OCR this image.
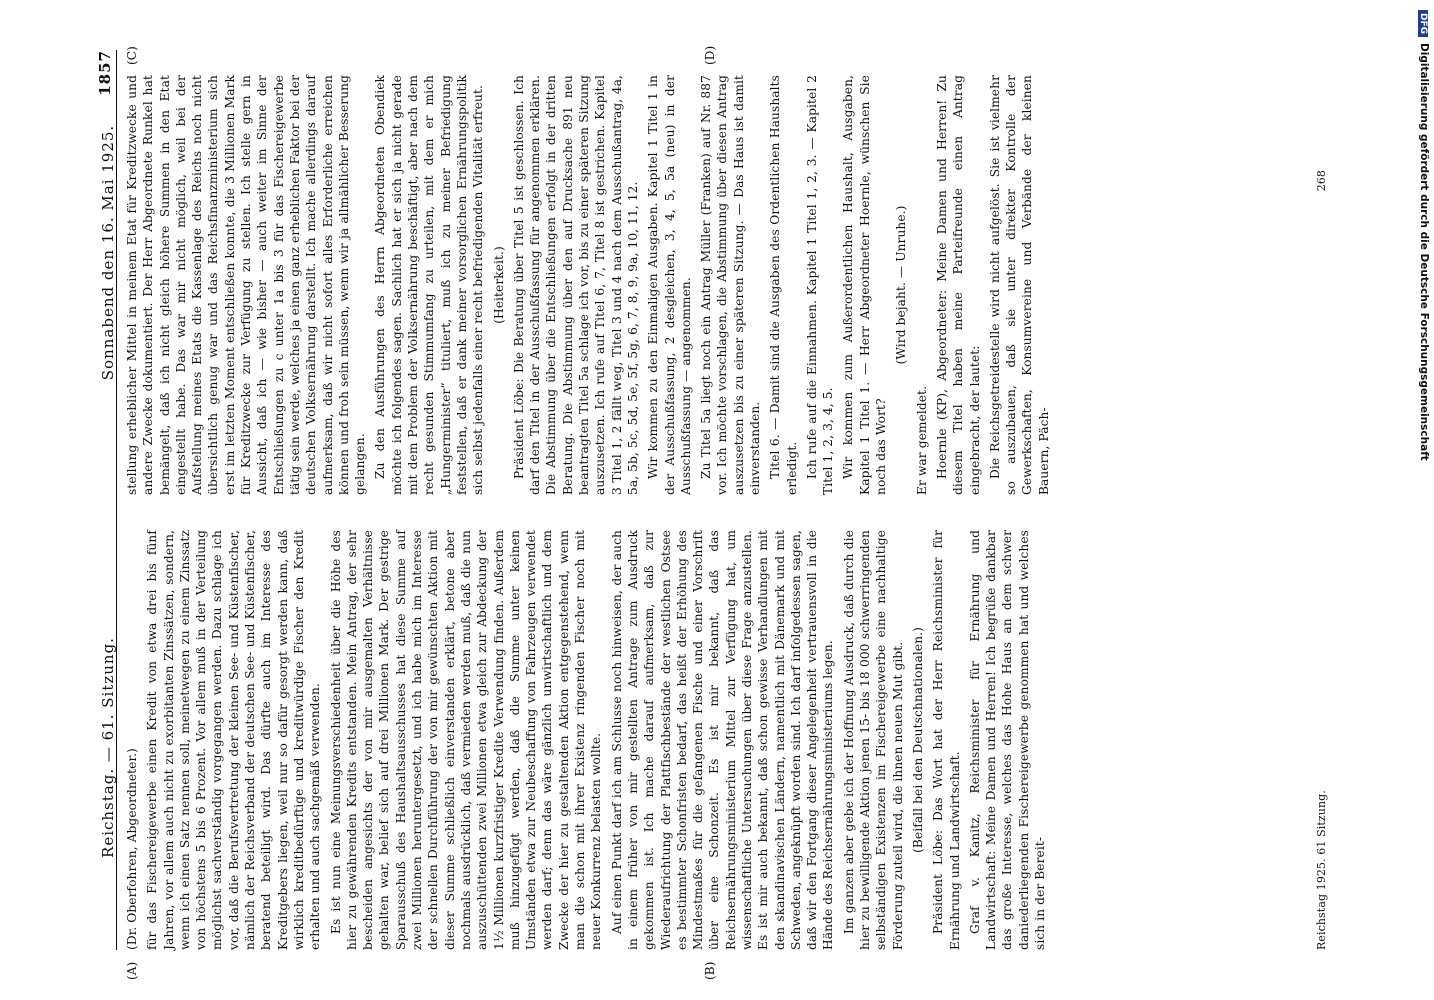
Reichstag. — 61. Sitzung.
Sonnabend den 16. Mai 1925.
1857
(A)	(B)
(C)	(D)

(Dr. Oberfohren, Abgeordneter.) für das Fischereigewerbe einen Kredit von etwa drei bis fünf Jahren, vor allem auch nicht zu exorbitanten Zinssätzen, sondern, wenn ich einen Satz nennen soll, meinetwegen zu einem Zinssatz von höchstens 5 bis 6 Prozent. Vor allem muß in der Verteilung möglichst sachverständig vorgegangen werden. Dazu schlage ich vor, daß die Berufsvertretung der kleinen See- und Küstenfischer, nämlich der Reichsverband der deutschen See- und Küstenfischer, beratend beteiligt wird. Das dürfte auch im Interesse des Kreditgebers liegen, weil nur so dafür gesorgt werden kann, daß wirklich kreditbedürftige und kreditwürdige Fischer den Kredit erhalten und auch sachgemäß verwenden. Es ist nun eine Meinungsverschiedenheit über die Höhe des hier zu gewährenden Kredits entstanden. Mein Antrag, der sehr bescheiden angesichts der von mir ausgemalten Verhältnisse gehalten war, belief sich auf drei Millionen Mark. Der gestrige Sparausschuß des Haushaltsausschusses hat diese Summe auf zwei Millionen heruntergesetzt, und ich habe mich im Interesse der schnellen Durchführung der von mir gewünschten Aktion mit dieser Summe schließlich einverstanden erklärt, betone aber nochmals ausdrücklich, daß vermieden werden muß, daß die nun auszuschüttenden zwei Millionen etwa gleich zur Abdeckung der 1½ Millionen kurzfristiger Kredite Verwendung finden. Außerdem muß hinzugefügt werden, daß die Summe unter keinen Umständen etwa zur Neubeschaffung von Fahrzeugen verwendet werden darf; denn das wäre gänzlich unwirtschaftlich und dem Zwecke der hier zu gestaltenden Aktion entgegenstehend, wenn man die schon mit ihrer Existenz ringenden Fischer noch mit neuer Konkurrenz belasten wollte. Auf einen Punkt darf ich am Schlusse noch hinweisen, der auch in einem früher von mir gestellten Antrage zum Ausdruck gekommen ist. Ich mache darauf aufmerksam, daß zur Wiederaufrichtung der Plattfischbestände der westlichen Ostsee es bestimmter Schonfristen bedarf, das heißt der Erhöhung des Mindestmaßes für die gefangenen Fische und einer Vorschrift über eine Schonzeit. Es ist mir bekannt, daß das Reichsernährungsministerium Mittel zur Verfügung hat, um wissenschaftliche Untersuchungen über diese Frage anzustellen. Es ist mir auch bekannt, daß schon gewisse Verhandlungen mit den skandinavischen Ländern, namentlich mit Dänemark und mit Schweden, angeknüpft worden sind. Ich darf infolgedessen sagen, daß wir den Fortgang dieser Angelegenheit vertrauensvoll in die Hände des Reichsernährungsministeriums legen. Im ganzen aber gebe ich der Hoffnung Ausdruck, daß durch die hier zu bewilligende Aktion jenen 15- bis 18 000 schwerringenden selbständigen Existenzen im Fischereigewerbe eine nachhaltige Förderung zuteil wird, die ihnen neuen Mut gibt. (Beifall bei den Deutschnationalen.) Präsident Löbe: Das Wort hat der Herr Reichsminister für Ernährung und Landwirtschaft. Graf v. Kanitz, Reichsminister für Ernährung und Landwirtschaft: Meine Damen und Herren! Ich begrüße dankbar das große Interesse, welches das Hohe Haus an dem schwer daniederliegenden Fischereigewerbe genommen hat und welches sich in der Bereit-

stellung erheblicher Mittel in meinem Etat für Kreditzwecke und andere Zwecke dokumentiert. Der Herr Abgeordnete Runkel hat bemängelt, daß ich nicht gleich höhere Summen in den Etat eingestellt habe. Das war mir nicht möglich, weil bei der Aufstellung meines Etats die Kassenlage des Reichs noch nicht übersichtlich genug war und das Reichsfinanzministerium sich erst im letzten Moment entschließen konnte, die 3 Millionen Mark für Kreditzwecke zur Verfügung zu stellen. Ich stelle gern in Aussicht, daß ich — wie bisher — auch weiter im Sinne der Entschließungen zu c unter 1a bis 3 für das Fischereigewerbe tätig sein werde, welches ja einen ganz erheblichen Faktor bei der deutschen Volksernährung darstellt. Ich mache allerdings darauf aufmerksam, daß wir nicht sofort alles Erforderliche erreichen können und froh sein müssen, wenn wir ja allmählicher Besserung gelangen. Zu den Ausführungen des Herrn Abgeordneten Obendiek möchte ich folgendes sagen. Sachlich hat er sich ja nicht gerade mit dem Problem der Volksernährung beschäftigt, aber nach dem recht gesunden Stimmumfang zu urteilen, mit dem er mich „Hungerminister“ tituliert, muß ich zu meiner Befriedigung feststellen, daß er dank meiner vorsorglichen Ernährungspolitik sich selbst jedenfalls einer recht befriedigenden Vitalität erfreut. (Heiterkeit.) Präsident Löbe: Die Beratung über Titel 5 ist geschlossen. Ich darf den Titel in der Ausschußfassung für angenommen erklären. Die Abstimmung über die Entschließungen erfolgt in der dritten Beratung. Die Abstimmung über den auf Drucksache 891 neu beantragten Titel 5a schlage ich vor, bis zu einer späteren Sitzung auszusetzen. Ich rufe auf Titel 6, 7, Titel 8 ist gestrichen. Kapitel 3 Titel 1, 2 fällt weg, Titel 3 und 4 nach dem Ausschußantrag, 4a, 5a, 5b, 5c, 5d, 5e, 5f, 5g, 6, 7, 8, 9, 9a, 10, 11, 12. Wir kommen zu den Einmaligen Ausgaben. Kapitel 1 Titel 1 in der Ausschußfassung, 2 desgleichen, 3, 4, 5, 5a (neu) in der Ausschußfassung — angenommen. Zu Titel 5a liegt noch ein Antrag Müller (Franken) auf Nr. 887 vor. Ich möchte vorschlagen, die Abstimmung über diesen Antrag auszusetzen bis zu einer späteren Sitzung. — Das Haus ist damit einverstanden. Titel 6. — Damit sind die Ausgaben des Ordentlichen Haushalts erledigt. Ich rufe auf die Einnahmen. Kapitel 1 Titel 1, 2, 3. — Kapitel 2 Titel 1, 2, 3, 4, 5. Wir kommen zum Außerordentlichen Haushalt, Ausgaben, Kapitel 1 Titel 1. — Herr Abgeordneter Hoernle, wünschen Sie noch das Wort?

(Wird bejaht. — Unruhe.)

Er war gemeldet. Hoernle (KP), Abgeordneter: Meine Damen und Herren! Zu diesem Titel haben meine Parteifreunde einen Antrag eingebracht, der lautet: Die Reichsgetreidestelle wird nicht aufgelöst. Sie ist vielmehr so auszubauen, daß sie unter direkter Kontrolle der Gewerkschaften, Konsumvereine und Verbände der kleinen Bauern, Päch-

Reichstag 1925. 61 Sitzung.
268
DFGDigitalisierung gefördert durch die Deutsche Forschungsgemeinschaft
